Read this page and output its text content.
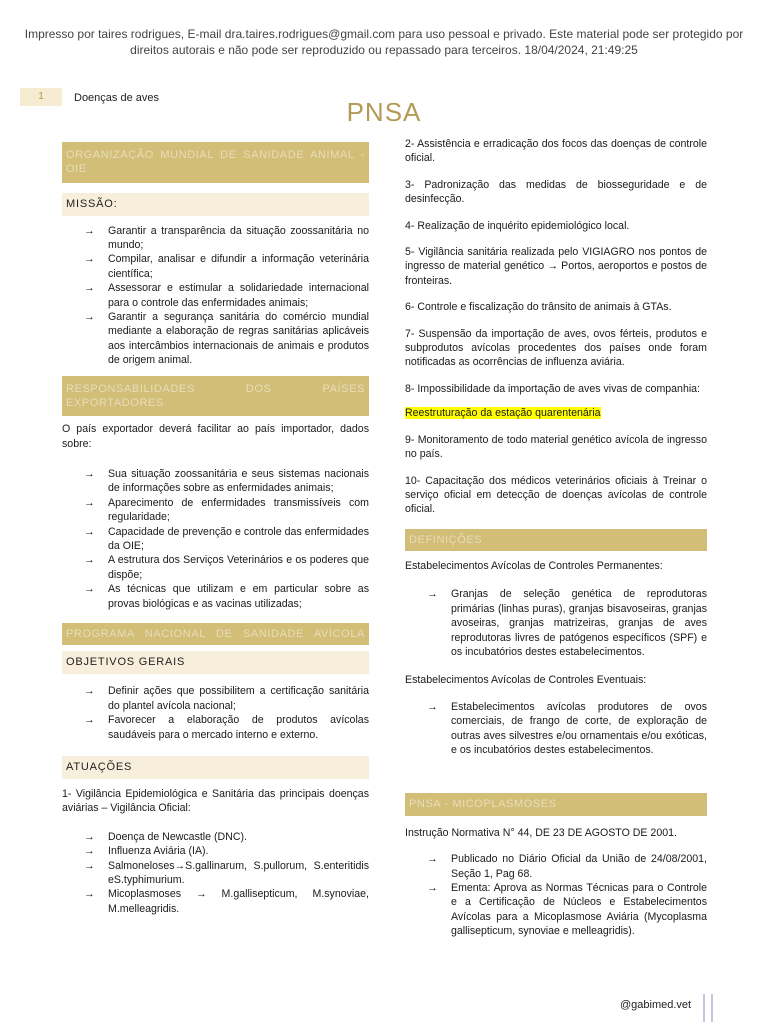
Impresso por taires rodrigues, E-mail dra.taires.rodrigues@gmail.com para uso pessoal e privado. Este material pode ser protegido por direitos autorais e não pode ser reproduzido ou repassado para terceiros. 18/04/2024, 21:49:25
1	Doenças de aves	PNSA
ORGANIZAÇÃO MUNDIAL DE SANIDADE ANIMAL - OIE
MISSÃO:
→ Garantir a transparência da situação zoossanitária no mundo;
→ Compilar, analisar e difundir a informação veterinária científica;
→ Assessorar e estimular a solidariedade internacional para o controle das enfermidades animais;
→ Garantir a segurança sanitária do comércio mundial mediante a elaboração de regras sanitárias aplicáveis aos intercâmbios internacionais de animais e produtos de origem animal.
RESPONSABILIDADES DOS PAÍSES EXPORTADORES

O país exportador deverá facilitar ao país importador, dados sobre:

→ Sua situação zoossanitária e seus sistemas nacionais de informações sobre as enfermidades animais;
→ Aparecimento de enfermidades transmissíveis com regularidade;
→ Capacidade de prevenção e controle das enfermidades da OIE;
→ A estrutura dos Serviços Veterinários e os poderes que dispõe;
→ As técnicas que utilizam e em particular sobre as provas biológicas e as vacinas utilizadas;
PROGRAMA NACIONAL DE SANIDADE AVÍCOLA
OBJETIVOS GERAIS
→ Definir ações que possibilitem a certificação sanitária do plantel avícola nacional;
→ Favorecer a elaboração de produtos avícolas saudáveis para o mercado interno e externo.
ATUAÇÕES

1- Vigilância Epidemiológica e Sanitária das principais doenças aviárias – Vigilância Oficial:

→ Doença de Newcastle (DNC).
→ Influenza Aviária (IA).
→ Salmoneloses→S.gallinarum, S.pullorum, S.enteritidis eS.typhimurium.
→ Micoplasmoses → M.gallisepticum, M.synoviae, M.melleagridis.

2- Assistência e erradicação dos focos das doenças de controle oficial.

3- Padronização das medidas de biosseguridade e de desinfecção.

4- Realização de inquérito epidemiológico local.

5- Vigilância sanitária realizada pelo VIGIAGRO nos pontos de ingresso de material genético → Portos, aeroportos e postos de fronteiras.

6- Controle e fiscalização do trânsito de animais à GTAs.

7- Suspensão da importação de aves, ovos férteis, produtos e subprodutos avícolas procedentes dos países onde foram notificadas as ocorrências de influenza aviária.

8- Impossibilidade da importação de aves vivas de companhia:

Reestruturação da estação quarentenária

9- Monitoramento de todo material genético avícola de ingresso no país.

10- Capacitação dos médicos veterinários oficiais à Treinar o serviço oficial em detecção de doenças avícolas de controle oficial.

DEFINIÇÕES

Estabelecimentos Avícolas de Controles Permanentes:

→ Granjas de seleção genética de reprodutoras primárias (linhas puras), granjas bisavoseiras, granjas avoseiras, granjas matrizeiras, granjas de aves reprodutoras livres de patógenos específicos (SPF) e os incubatórios destes estabelecimentos.

Estabelecimentos Avícolas de Controles Eventuais:

→ Estabelecimentos avícolas produtores de ovos comerciais, de frango de corte, de exploração de outras aves silvestres e/ou ornamentais e/ou exóticas, e os incubatórios destes estabelecimentos.
PNSA - MICOPLASMOSES

Instrução Normativa N° 44, DE 23 DE AGOSTO DE 2001.

→ Publicado no Diário Oficial da União de 24/08/2001, Seção 1, Pag 68.
→ Ementa: Aprova as Normas Técnicas para o Controle e a Certificação de Núcleos e Estabelecimentos Avícolas para a Micoplasmose Aviária (Mycoplasma gallisepticum, synoviae e melleagridis).
@gabimed.vet
